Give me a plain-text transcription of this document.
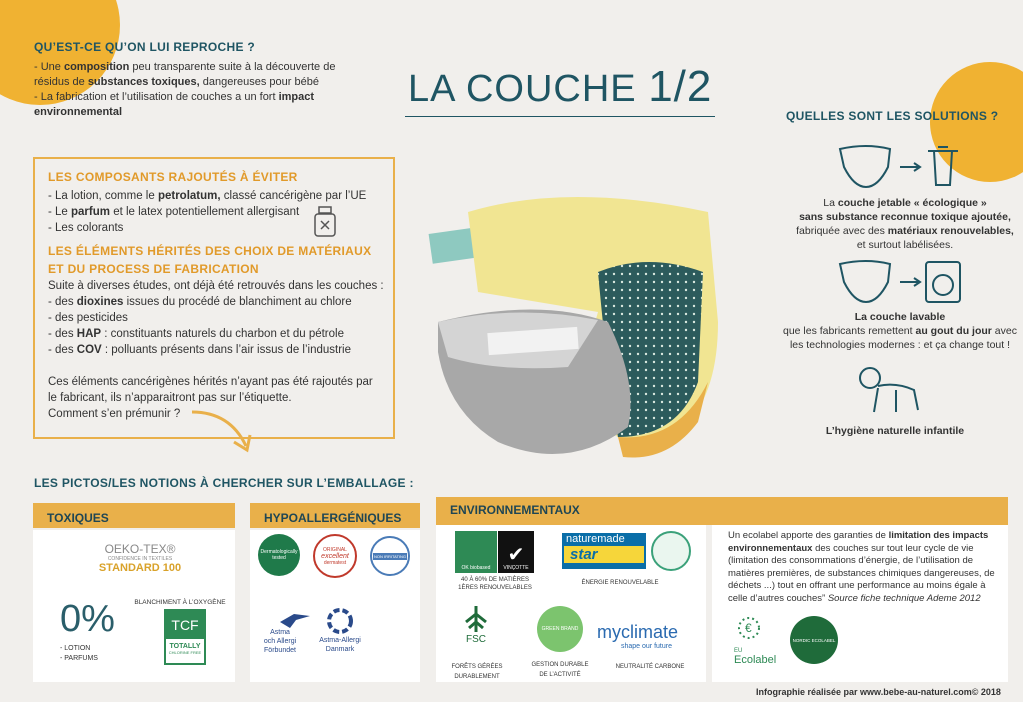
LA COUCHE 1/2
QU’EST-CE QU’ON LUI REPROCHE ?
- Une composition peu transparente suite à la découverte de
résidus de substances toxiques, dangereuses pour bébé
- La fabrication et l’utilisation de couches a un fort impact
environnemental
LES COMPOSANTS RAJOUTÉS À ÉVITER
- La lotion, comme le petrolatum, classé cancérigène par l’UE
- Le parfum et le latex potentiellement allergisant
- Les colorants
LES ÉLÉMENTS HÉRITÉS DES CHOIX DE MATÉRIAUX
ET DU PROCESS DE FABRICATION
Suite à diverses études, ont déjà été retrouvés dans les couches :
- des dioxines issues du procédé de blanchiment au chlore
- des pesticides
- des HAP : constituants naturels du charbon et du pétrole
- des COV : polluants présents dans l’air issus de l’industrie
Ces éléments cancérigènes hérités n’ayant pas été rajoutés par
le fabricant, ils n’apparaitront pas sur l’étiquette.
Comment s’en prémunir ?
QUELLES SONT LES SOLUTIONS ?
La couche jetable « écologique »
sans substance reconnue toxique ajoutée,
fabriquée avec des matériaux renouvelables,
et surtout labélisées.
La couche lavable
que les fabricants remettent au gout du jour avec
les technologies modernes : et ça change tout !
L’hygiène naturelle infantile
LES PICTOS/LES NOTIONS À CHERCHER SUR L’EMBALLAGE :
TOXIQUES
OEKO-TEX®
CONFIDENCE IN TEXTILES
STANDARD 100
0%
- LOTION
- PARFUMS
BLANCHIMENT À L’OXYGÈNE
TCF
TOTALLY
CHLORINE FREE
HYPOALLERGÉNIQUES
Dermatologically tested
ORIGINAL
excellent
dermatest
NON IRRITATING
Astma
och Allergi
Förbundet
Astma-Allergi
Danmark
ENVIRONNEMENTAUX
OK biobased
✔
VINÇOTTE
40 À 60% DE MATIÈRES
1ÈRES RENOUVELABLES
naturemade
star
ÉNERGIE RENOUVELABLE
FSC
FORÊTS GÉRÉES
DURABLEMENT
GREEN BRAND
GESTION DURABLE
DE L’ACTIVITÉ
myclimate
shape our future
NEUTRALITÉ CARBONE
Un ecolabel apporte des garanties de limitation des impacts
environnementaux des couches sur tout leur cycle de vie
(limitation des consommations d’énergie, de l’utilisation de
matières premières, de substances chimiques dangereuses, de
déchets ...) tout en offrant une performance au moins égale à
celle d’autres couches” Source fiche technique Ademe 2012
€
EU
Ecolabel
NORDIC ECOLABEL
Infographie réalisée par www.bebe-au-naturel.com© 2018
